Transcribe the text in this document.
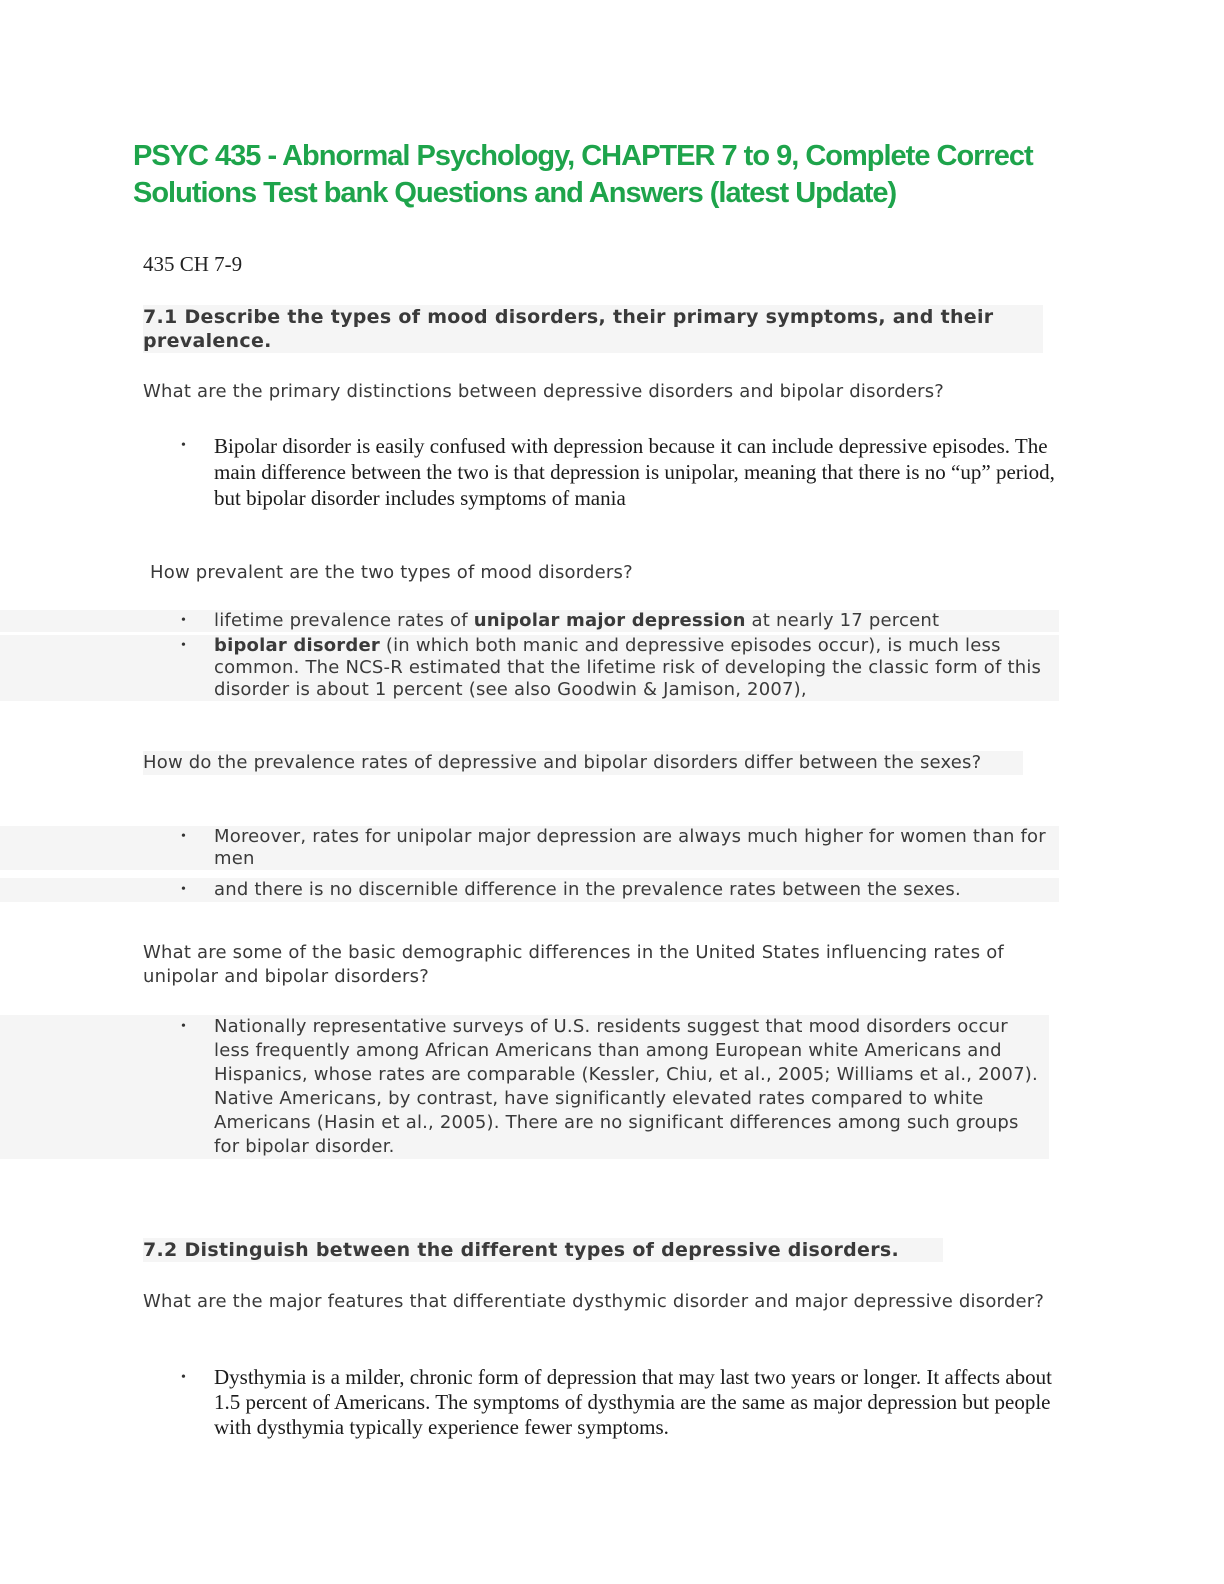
PSYC 435 - Abnormal Psychology, CHAPTER 7 to 9, Complete Correct Solutions Test bank Questions and Answers (latest Update)
435 CH 7-9
7.1 Describe the types of mood disorders, their primary symptoms, and their prevalence.
What are the primary distinctions between depressive disorders and bipolar disorders?
• Bipolar disorder is easily confused with depression because it can include depressive episodes. The main difference between the two is that depression is unipolar, meaning that there is no “up” period, but bipolar disorder includes symptoms of mania
How prevalent are the two types of mood disorders?
• lifetime prevalence rates of unipolar major depression at nearly 17 percent
• bipolar disorder (in which both manic and depressive episodes occur), is much less common. The NCS-R estimated that the lifetime risk of developing the classic form of this disorder is about 1 percent (see also Goodwin & Jamison, 2007),
How do the prevalence rates of depressive and bipolar disorders differ between the sexes?
• Moreover, rates for unipolar major depression are always much higher for women than for men
• and there is no discernible difference in the prevalence rates between the sexes.
What are some of the basic demographic differences in the United States influencing rates of unipolar and bipolar disorders?
• Nationally representative surveys of U.S. residents suggest that mood disorders occur less frequently among African Americans than among European white Americans and Hispanics, whose rates are comparable (Kessler, Chiu, et al., 2005; Williams et al., 2007). Native Americans, by contrast, have significantly elevated rates compared to white Americans (Hasin et al., 2005). There are no significant differences among such groups for bipolar disorder.
7.2 Distinguish between the different types of depressive disorders.
What are the major features that differentiate dysthymic disorder and major depressive disorder?
• Dysthymia is a milder, chronic form of depression that may last two years or longer. It affects about 1.5 percent of Americans. The symptoms of dysthymia are the same as major depression but people with dysthymia typically experience fewer symptoms.
